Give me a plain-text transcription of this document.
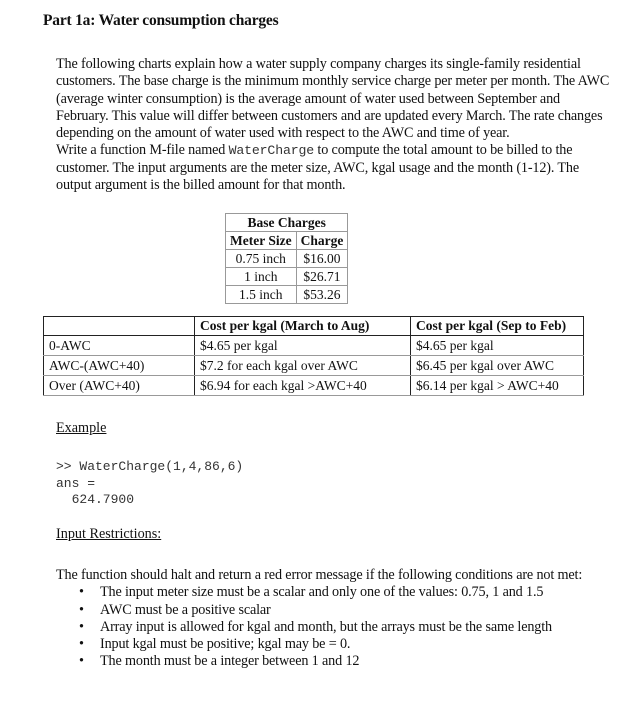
Part 1a: Water consumption charges

The following charts explain how a water supply company charges its single-family residential customers. The base charge is the minimum monthly service charge per meter per month. The AWC (average winter consumption) is the average amount of water used between September and February. This value will differ between customers and are updated every March. The rate changes depending on the amount of water used with respect to the AWC and time of year.

Write a function M-file named WaterCharge to compute the total amount to be billed to the customer. The input arguments are the meter size, AWC, kgal usage and the month (1-12). The output argument is the billed amount for that month.

Base Charges	
Meter Size	Charge
0.75 inch	$16.00
1 inch	$26.71
1.5 inch	$53.26
	Cost per kgal (March to Aug)	Cost per kgal (Sep to Feb)
0-AWC	$4.65 per kgal	$4.65 per kgal
AWC-(AWC+40)	$7.2 for each kgal over AWC	$6.45 per kgal over AWC
Over (AWC+40)	$6.94 for each kgal >AWC+40	$6.14 per kgal > AWC+40
Example
>> WaterCharge(1,4,86,6)
ans =
624.7900
Input Restrictions:

The function should halt and return a red error message if the following conditions are not met:

• The input meter size must be a scalar and only one of the values: 0.75, 1 and 1.5
• AWC must be a positive scalar
• Array input is allowed for kgal and month, but the arrays must be the same length
• Input kgal must be positive; kgal may be = 0.
• The month must be a integer between 1 and 12
